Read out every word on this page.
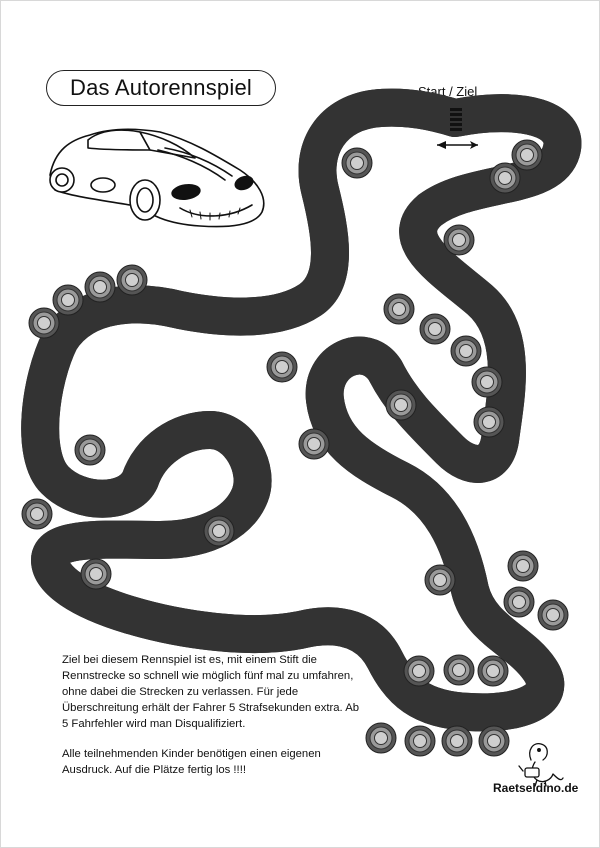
Das Autorennspiel	Start / Ziel

Ziel bei diesem Rennspiel ist es, mit einem Stift die Rennstrecke so schnell wie möglich fünf mal zu umfahren, ohne dabei die Strecken zu verlassen. Für jede Überschreitung erhält der Fahrer 5 Strafsekunden extra. Ab 5 Fahrfehler wird man Disqualifiziert.

Alle teilnehmenden Kinder benötigen einen eigenen Ausdruck. Auf die Plätze fertig los !!!!

Raetseldino.de
